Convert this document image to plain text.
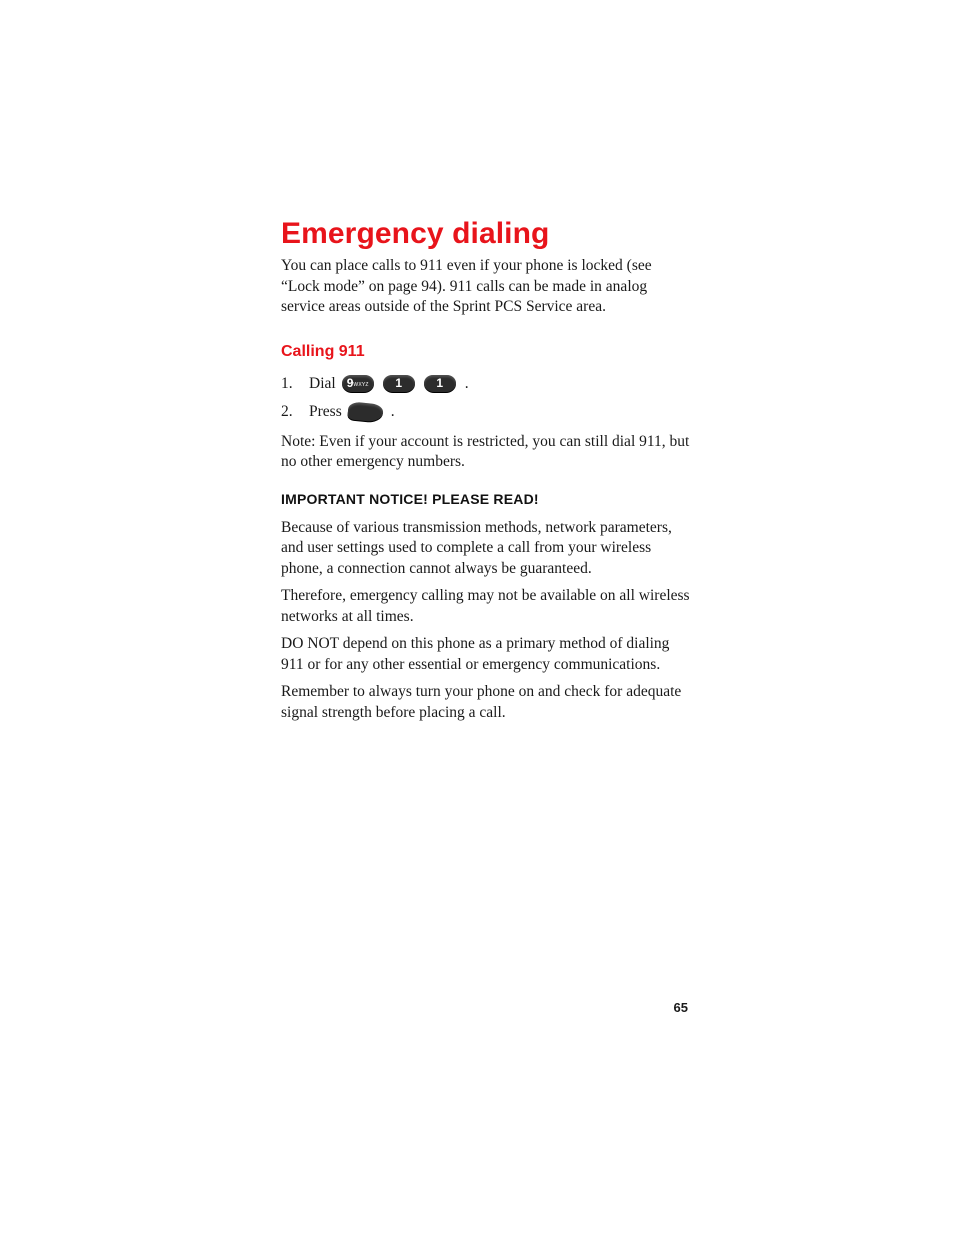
Emergency dialing

You can place calls to 911 even if your phone is locked (see “Lock mode” on page 94). 911 calls can be made in analog service areas outside of the Sprint PCS Service area.

Calling 911
1.	Dial 9WXYZ	1	1	.
2.	Press	.

Note: Even if your account is restricted, you can still dial 911, but no other emergency numbers.

IMPORTANT NOTICE! PLEASE READ!

Because of various transmission methods, network parameters, and user settings used to complete a call from your wireless phone, a connection cannot always be guaranteed.

Therefore, emergency calling may not be available on all wireless networks at all times.

DO NOT depend on this phone as a primary method of dialing 911 or for any other essential or emergency communications.

Remember to always turn your phone on and check for adequate signal strength before placing a call.

65
